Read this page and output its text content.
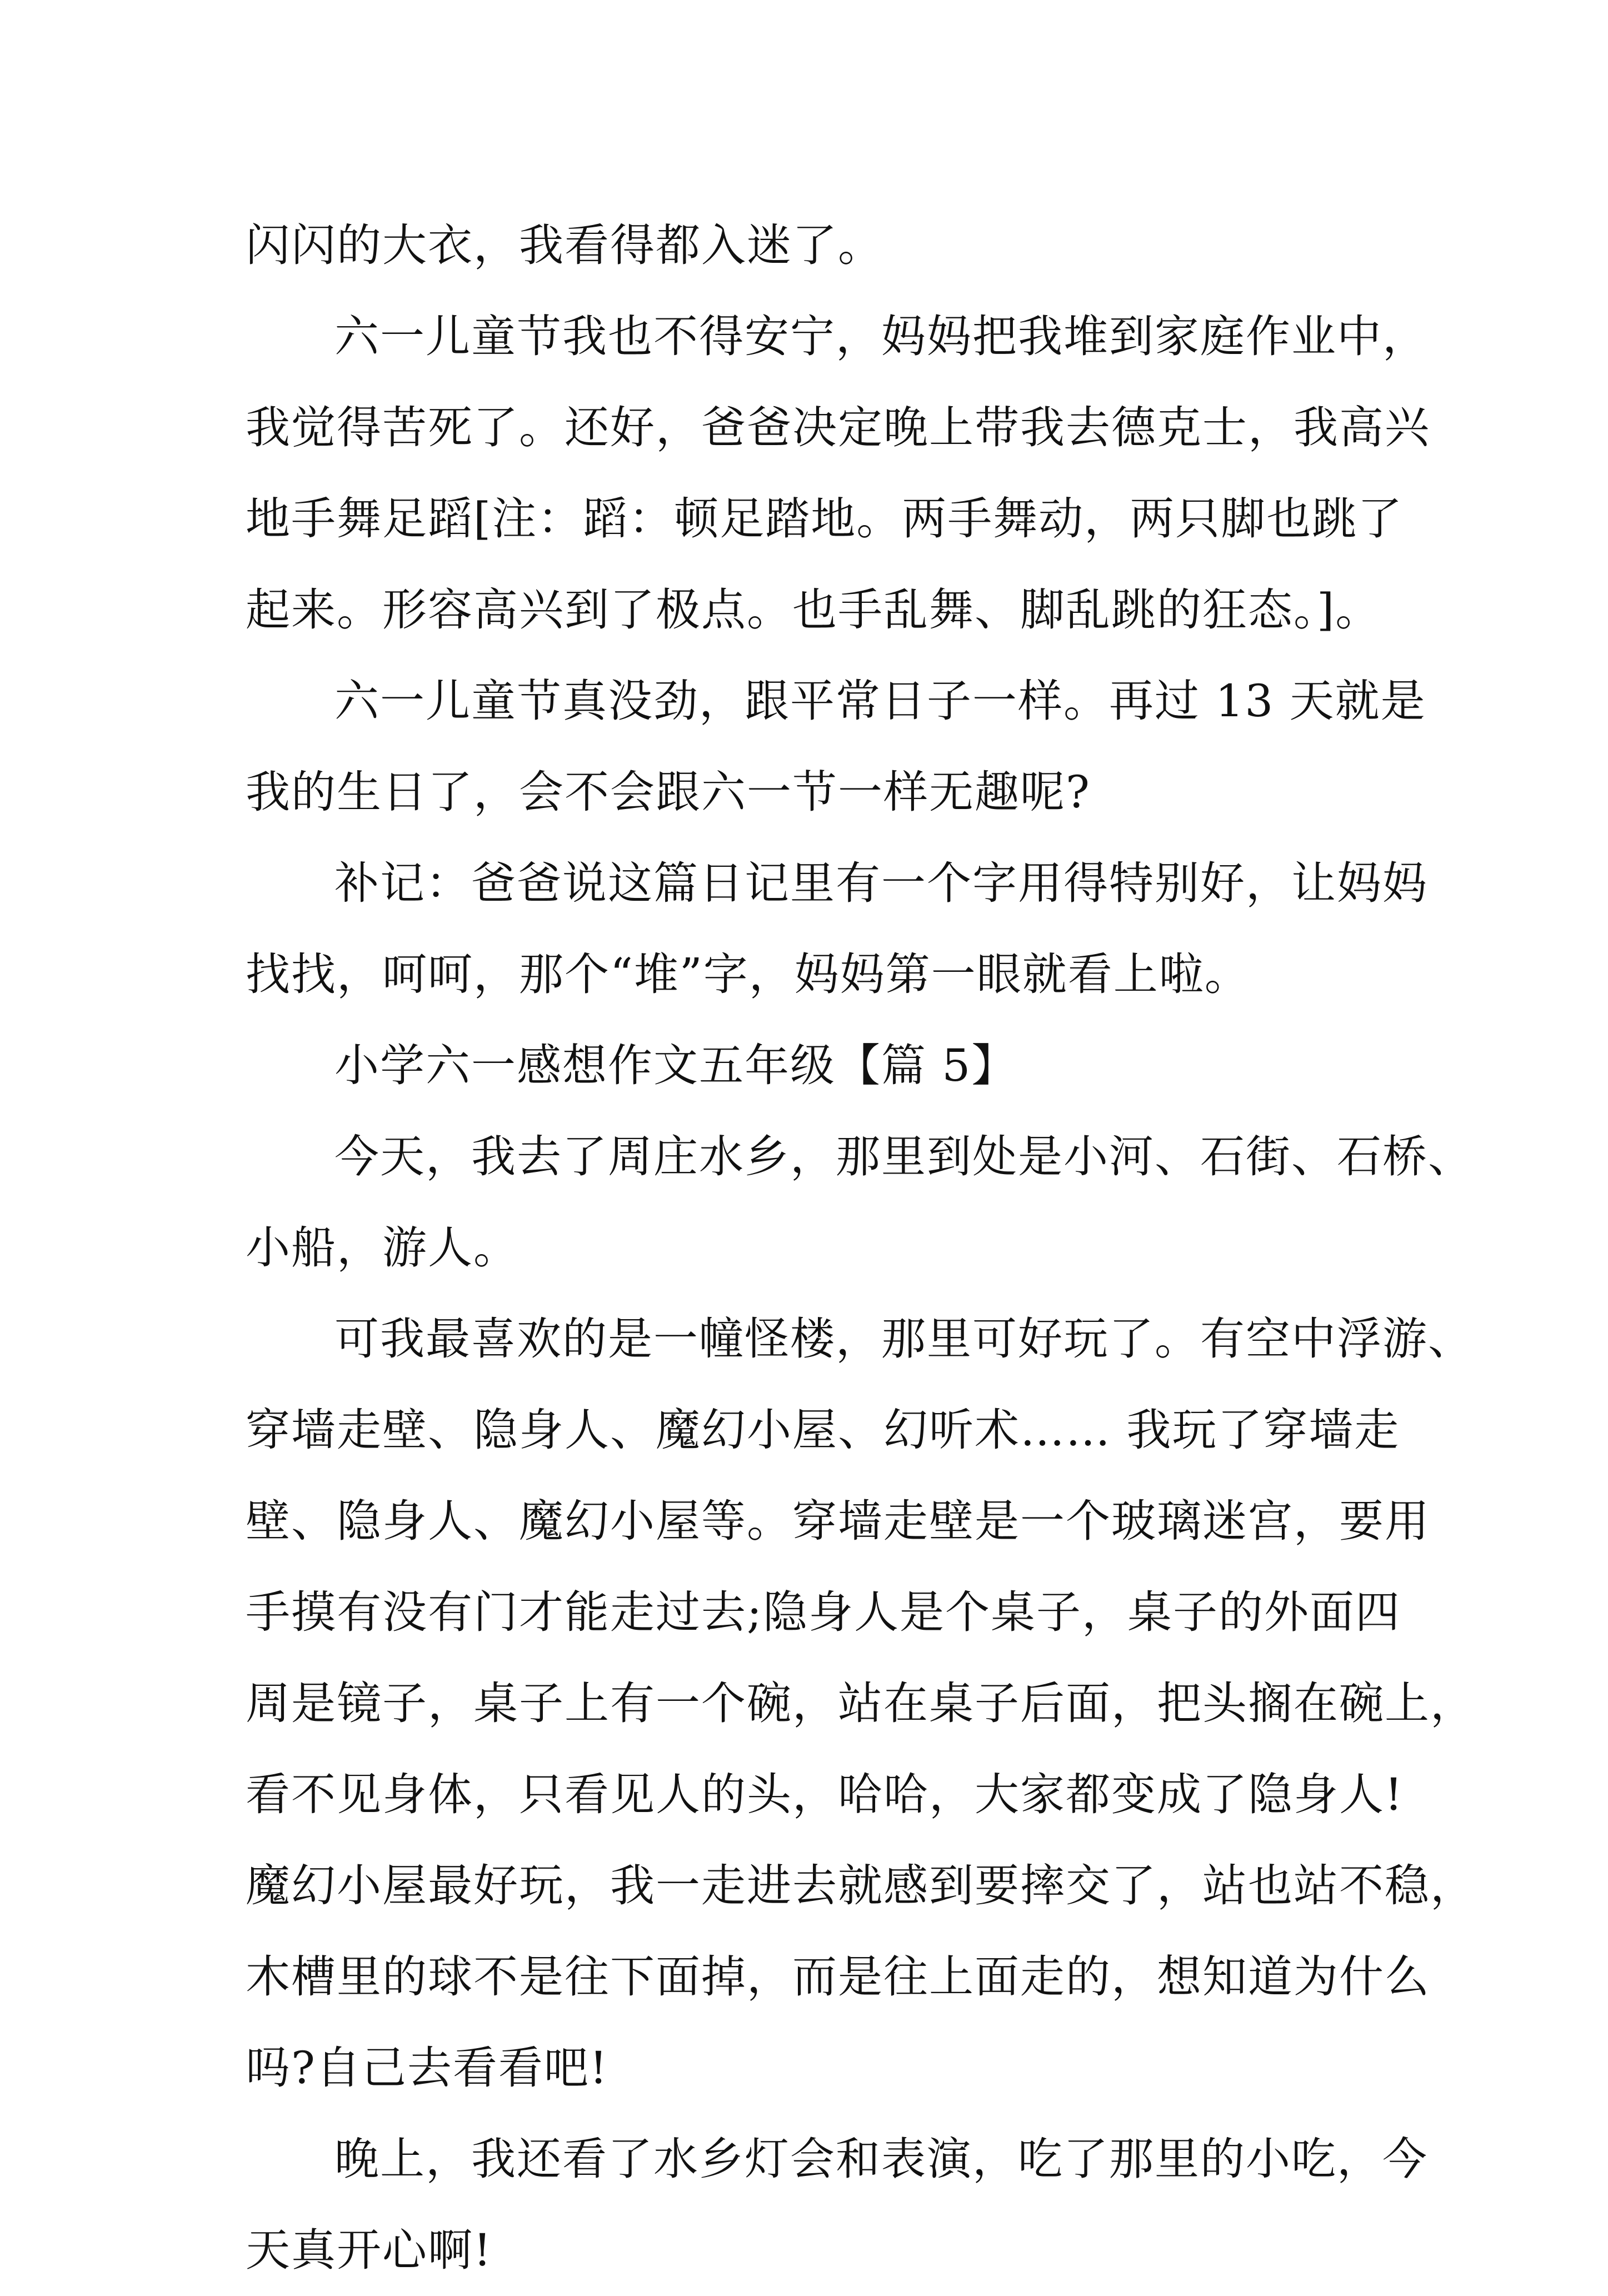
闪闪的大衣，我看得都入迷了。
六一儿童节我也不得安宁，妈妈把我堆到家庭作业中，
我觉得苦死了。还好，爸爸决定晚上带我去德克士，我高兴
地手舞足蹈[注：蹈：顿足踏地。两手舞动，两只脚也跳了
起来。形容高兴到了极点。也手乱舞、脚乱跳的狂态。]。
六一儿童节真没劲，跟平常日子一样。再过 13 天就是
我的生日了，会不会跟六一节一样无趣呢?
补记：爸爸说这篇日记里有一个字用得特别好，让妈妈
找找，呵呵，那个“堆”字，妈妈第一眼就看上啦。
小学六一感想作文五年级【篇 5】
今天，我去了周庄水乡，那里到处是小河、石街、石桥、
小船，游人。
可我最喜欢的是一幢怪楼，那里可好玩了。有空中浮游、
穿墙走壁、隐身人、魔幻小屋、幻听术…… 我玩了穿墙走
壁、隐身人、魔幻小屋等。穿墙走壁是一个玻璃迷宫，要用
手摸有没有门才能走过去;隐身人是个桌子，桌子的外面四
周是镜子，桌子上有一个碗，站在桌子后面，把头搁在碗上，
看不见身体，只看见人的头，哈哈，大家都变成了隐身人!
魔幻小屋最好玩，我一走进去就感到要摔交了，站也站不稳，
木槽里的球不是往下面掉，而是往上面走的，想知道为什么
吗?自己去看看吧!
晚上，我还看了水乡灯会和表演，吃了那里的小吃，今
天真开心啊!
